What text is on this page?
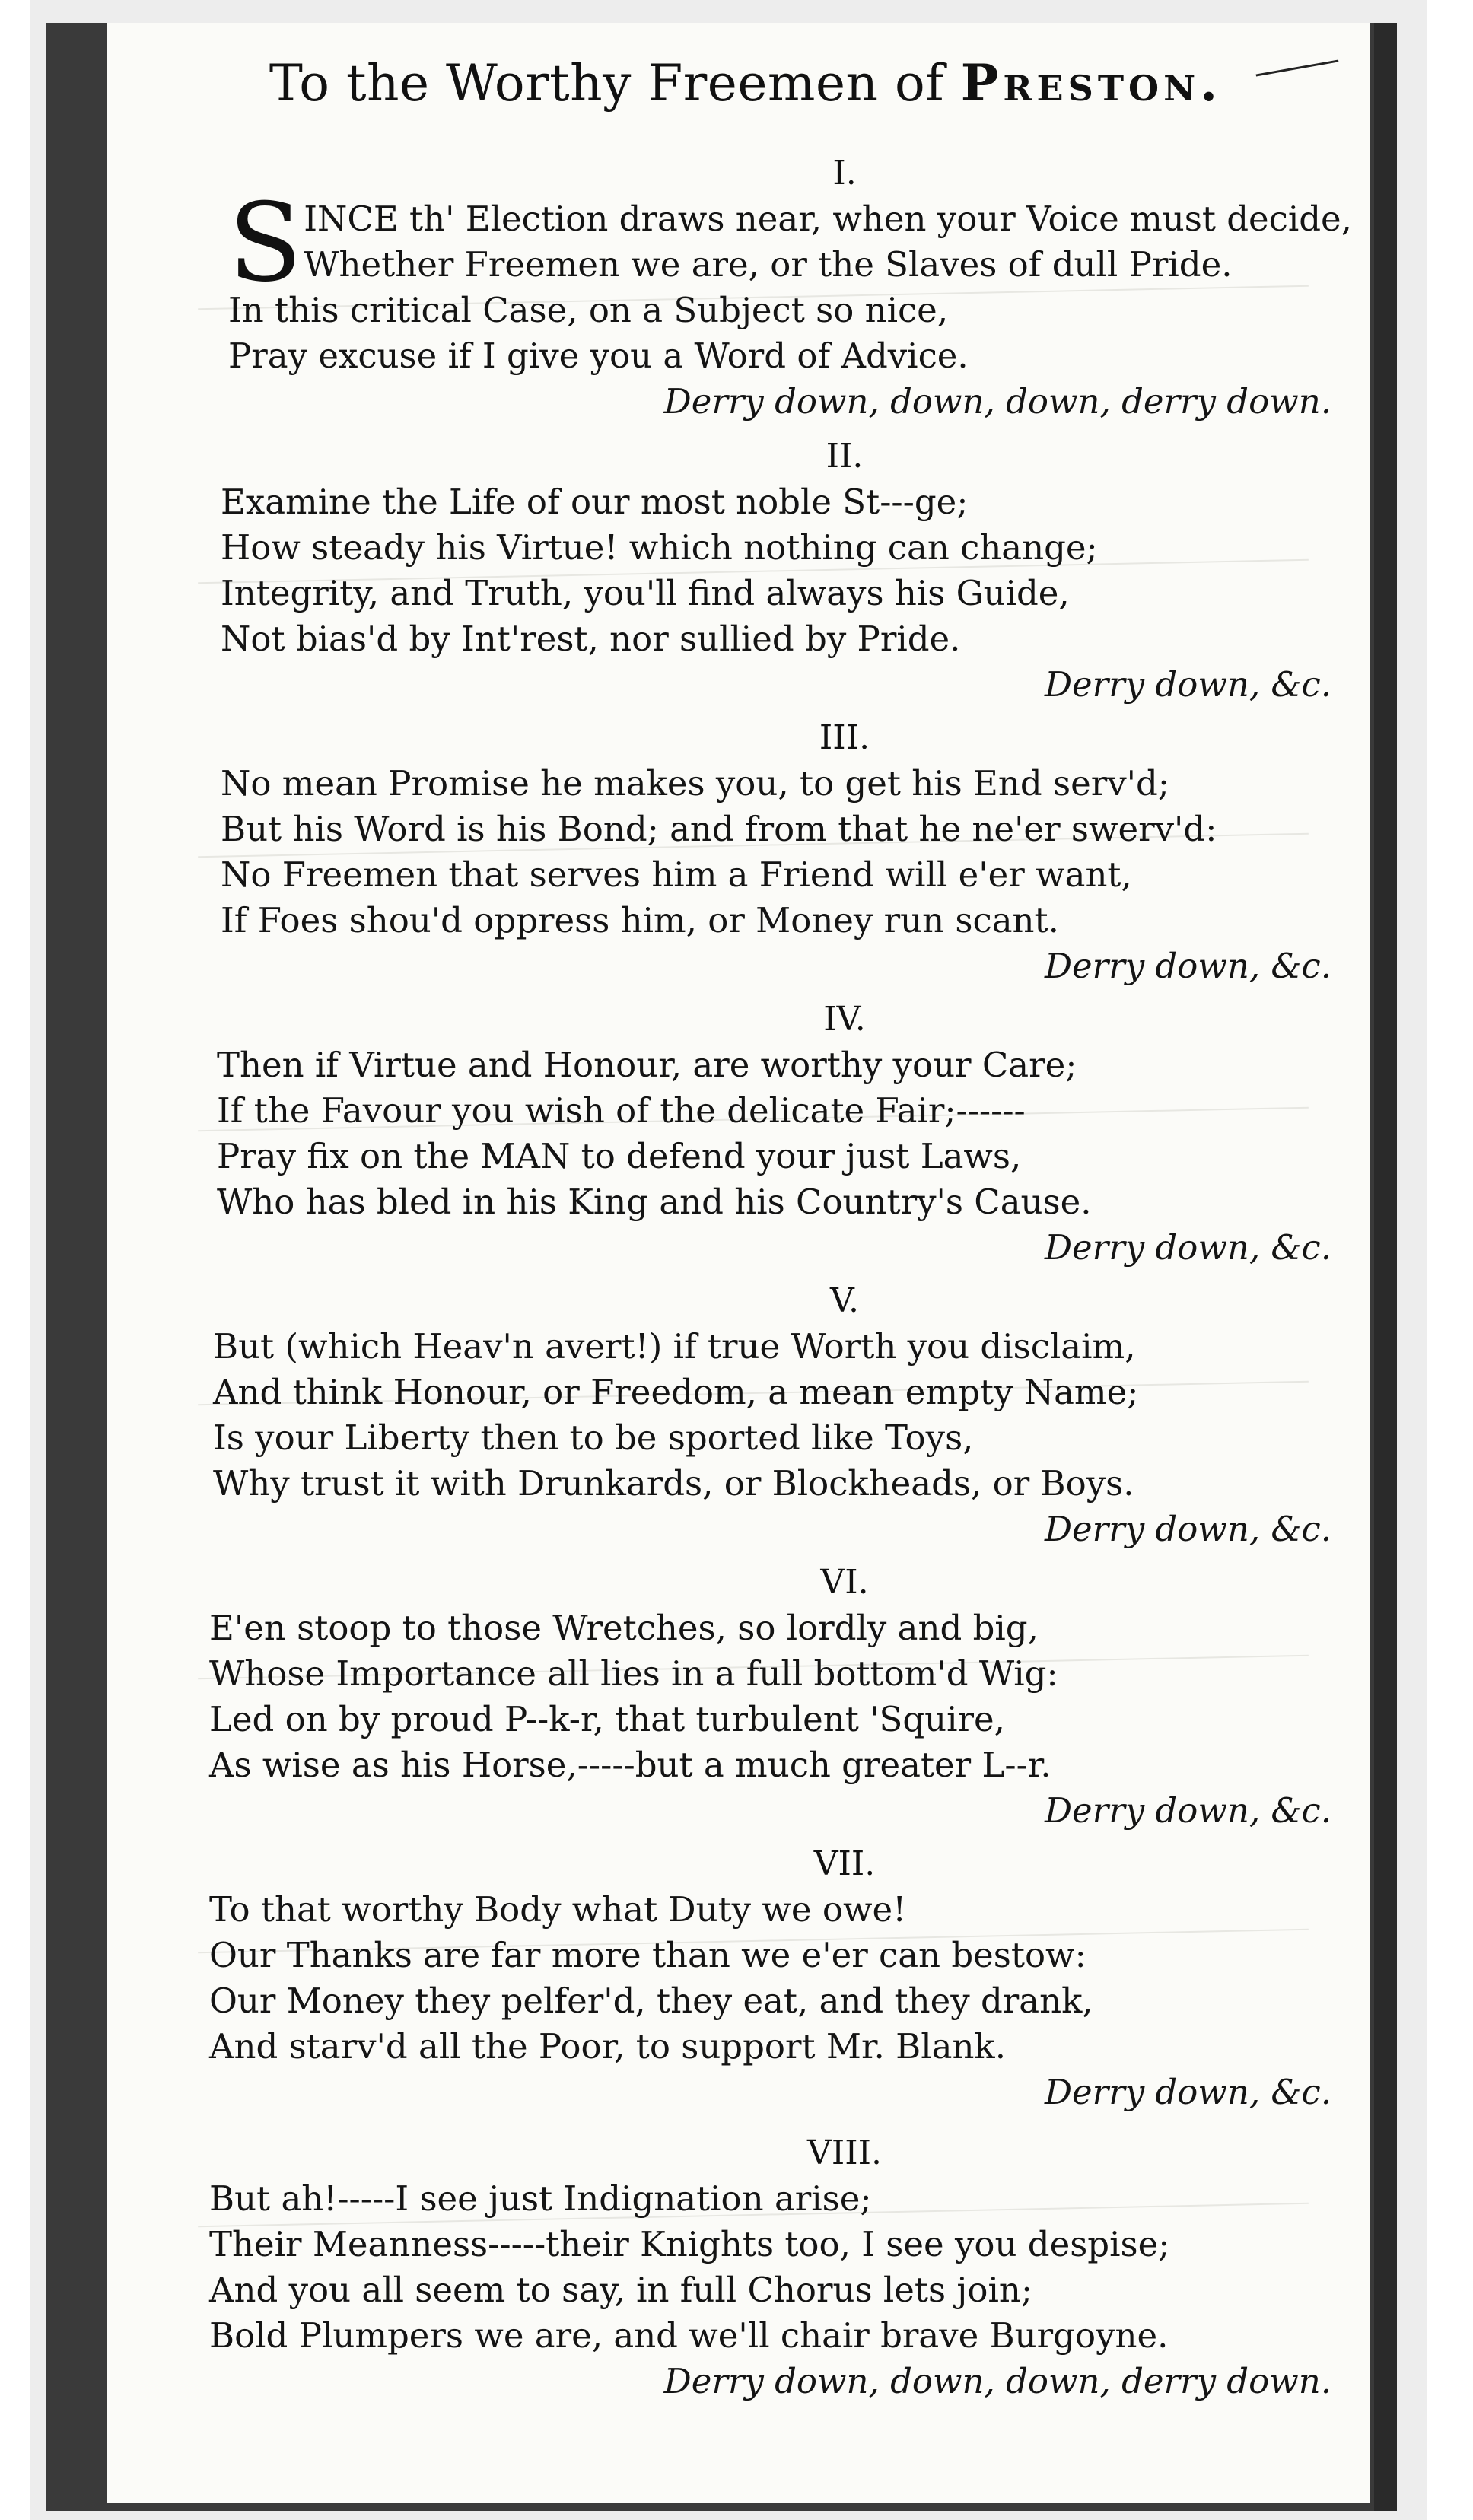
To the Worthy Freemen of Preston.
I.
S INCE th' Election draws near, when your Voice must decide,
Whether Freemen we are, or the Slaves of dull Pride.
In this critical Case, on a Subject so nice,
Pray excuse if I give you a Word of Advice.
Derry down, down, down, derry down.
II.
Examine the Life of our most noble St---ge;
How steady his Virtue! which nothing can change;
Integrity, and Truth, you'll find always his Guide,
Not bias'd by Int'rest, nor sullied by Pride.
Derry down, &c.
III.
No mean Promise he makes you, to get his End serv'd;
But his Word is his Bond; and from that he ne'er swerv'd:
No Freemen that serves him a Friend will e'er want,
If Foes shou'd oppress him, or Money run scant.
Derry down, &c.
IV.
Then if Virtue and Honour, are worthy your Care;
If the Favour you wish of the delicate Fair;------
Pray fix on the MAN to defend your just Laws,
Who has bled in his King and his Country's Cause.
Derry down, &c.
V.
But (which Heav'n avert!) if true Worth you disclaim,
And think Honour, or Freedom, a mean empty Name;
Is your Liberty then to be sported like Toys,
Why trust it with Drunkards, or Blockheads, or Boys.
Derry down, &c.
VI.
E'en stoop to those Wretches, so lordly and big,
Whose Importance all lies in a full bottom'd Wig:
Led on by proud P--k-r, that turbulent 'Squire,
As wise as his Horse,-----but a much greater L--r.
Derry down, &c.
VII.
To that worthy Body what Duty we owe!
Our Thanks are far more than we e'er can bestow:
Our Money they pelfer'd, they eat, and they drank,
And starv'd all the Poor, to support Mr. Blank.
Derry down, &c.
VIII.
But ah!-----I see just Indignation arise;
Their Meanness-----their Knights too, I see you despise;
And you all seem to say, in full Chorus lets join;
Bold Plumpers we are, and we'll chair brave Burgoyne.
Derry down, down, down, derry down.
